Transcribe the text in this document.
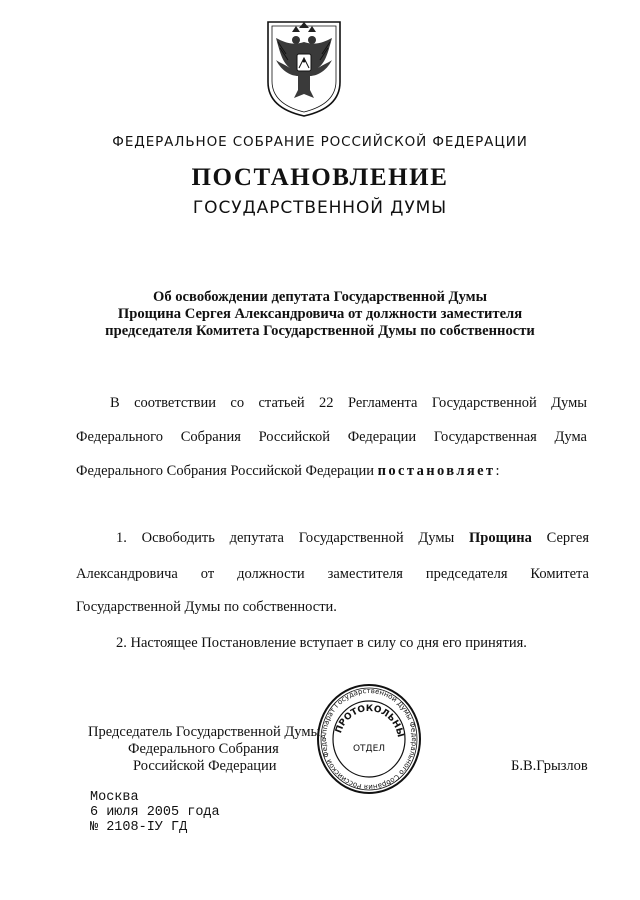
ФЕДЕРАЛЬНОЕ СОБРАНИЕ РОССИЙСКОЙ ФЕДЕРАЦИИ
ПОСТАНОВЛЕНИЕ
ГОСУДАРСТВЕННОЙ ДУМЫ
Об освобождении депутата Государственной Думы
Прощина Сергея Александровича от должности заместителя
председателя Комитета Государственной Думы по собственности
В соответствии со статьей 22 Регламента Государственной Думы
Федерального Собрания Российской Федерации Государственная Дума
Федерального Собрания Российской Федерации постановляет:
1. Освободить депутата Государственной Думы Прощина Сергея
Александровича от должности заместителя председателя Комитета
Государственной Думы по собственности.
2. Настоящее Постановление вступает в силу со дня его принятия.
Председатель Государственной Думы
Федерального Собрания
Российской Федерации	Б.В.Грызлов
Аппарат Государственной Думы Федерального Собрания Российской Феде
ПРОТОКОЛЬНЫ
ОТДЕЛ
Москва
6 июля 2005 года
№ 2108-IУ ГД
